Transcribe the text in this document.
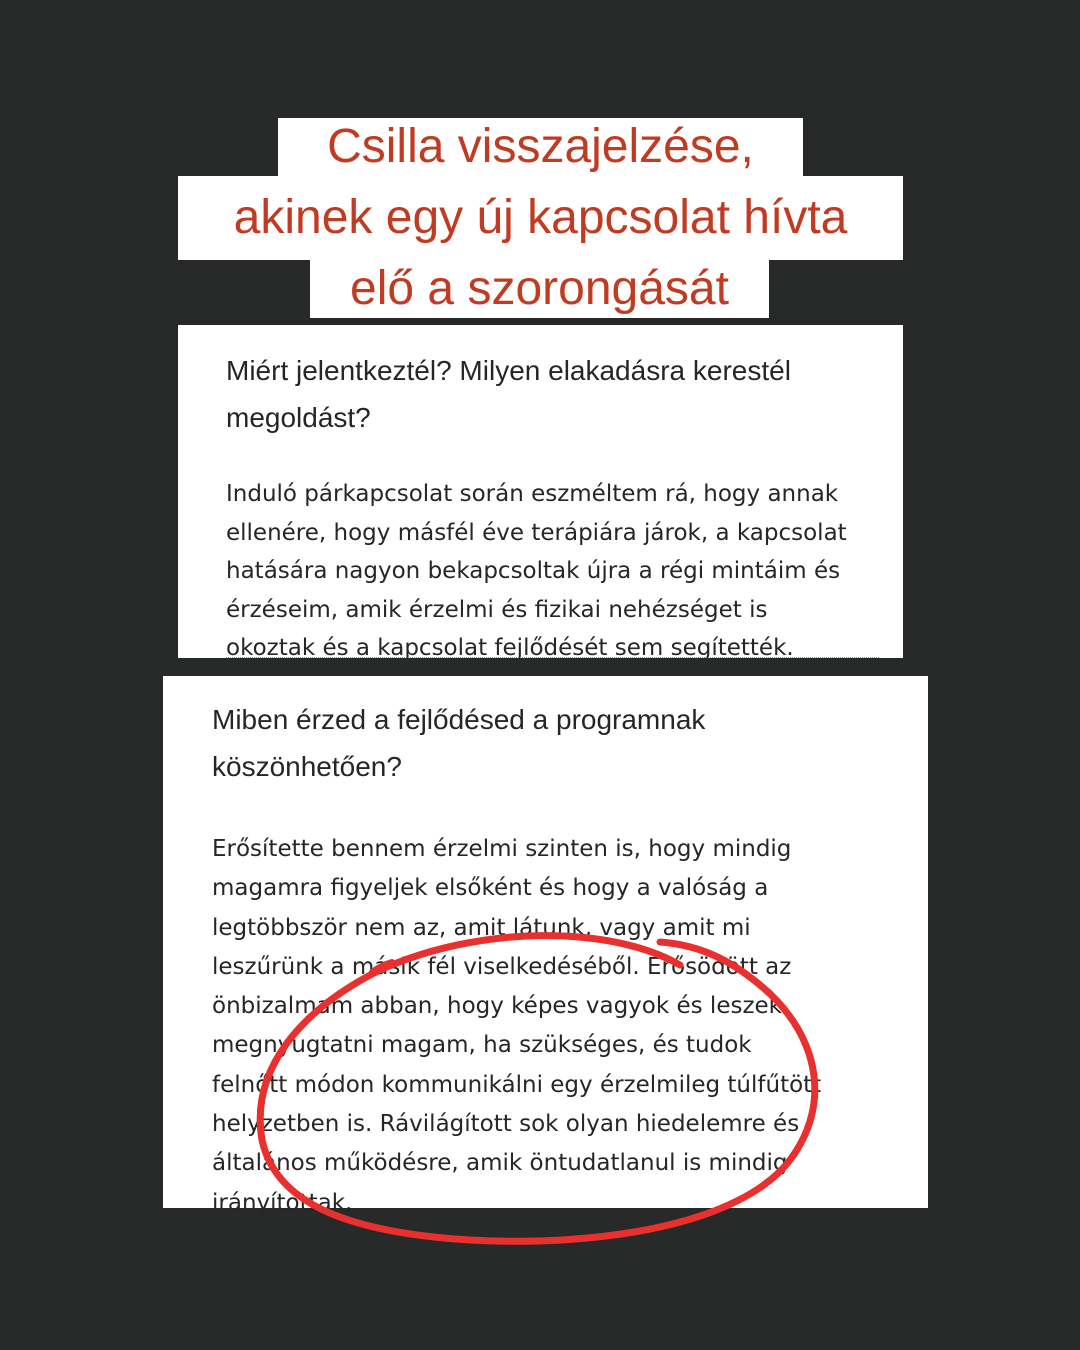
Csilla visszajelzése,
akinek egy új kapcsolat hívta
elő a szorongását

Miért jelentkeztél? Milyen elakadásra kerestél
megoldást?

Induló párkapcsolat során eszméltem rá, hogy annak
ellenére, hogy másfél éve terápiára járok, a kapcsolat
hatására nagyon bekapcsoltak újra a régi mintáim és
érzéseim, amik érzelmi és fizikai nehézséget is
okoztak és a kapcsolat fejlődését sem segítették.

Miben érzed a fejlődésed a programnak
köszönhetően?

Erősítette bennem érzelmi szinten is, hogy mindig
magamra figyeljek elsőként és hogy a valóság a
legtöbbször nem az, amit látunk, vagy amit mi
leszűrünk a másik fél viselkedéséből. Erősödött az
önbizalmam abban, hogy képes vagyok és leszek
megnyugtatni magam, ha szükséges, és tudok
felnőtt módon kommunikálni egy érzelmileg túlfűtött
helyzetben is. Rávilágított sok olyan hiedelemre és
általános működésre, amik öntudatlanul is mindig
irányítottak.
